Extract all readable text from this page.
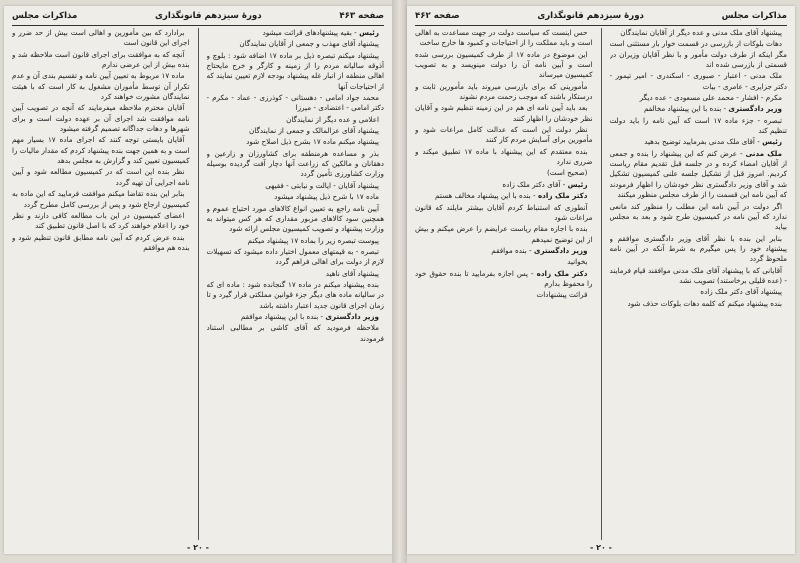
صفحه ۴۶۳
دورهٔ سیزدهم قانونگذاری
مذاکرات مجلس

رئیس - بقیه پیشنهادهای قرائت میشود

پیشنهاد آقای مهذب و جمعی از آقایان نمایندگان

پیشنهاد میکنم تبصره ذیل بر ماده ۱۷ اضافه شود : بلوچ و آذوقه سالیانه مردم را از زمینه و کارگر و خرج مایحتاج اهالی منطقه از انبار غله پیشنهاد بودجه لازم تعیین نمایند که از احتیاجات آنها

محمد جواد امامی - دهستانی - کوذرزی - عماد - مکرم - دکتر امامی - اعتضادی - میرزا

اعلامی و عده دیگر از نمایندگان

پیشنهاد آقای عزالمالک و جمعی از نمایندگان

پیشنهاد میکنم ماده ۱۷ بشرح ذیل اصلاح شود

بذر و مساعده هرمنطقه برای کشاورزان و زارعین و دهقانان و مالکین که زراعت آنها دچار آفت گردیده بوسیله وزارت کشاورزی تأمین گردد

پیشنهاد آقایان - ایالت و نیابتی - فقیهی

ماده ۱۷ با شرح ذیل پیشنهاد میشود

آیین نامه راجع به تعیین انواع کالاهای مورد احتیاج عموم و همچنین سود کالاهای مزبور مقداری که هر کس میتواند به وزارت پیشنهاد و تصویب کمیسیون مجلس ارائه شود

پیوست تبصره زیر را بماده ۱۷ پیشنهاد میکنم

تبصره - به قیمتهای معمول اختیار داده میشود که تسهیلات لازم از دولت برای اهالی فراهم گردد

پیشنهاد آقای ناهید

بنده پیشنهاد میکنم در ماده ۱۷ گنجانده شود : ماده ای که در سالیانه ماده های دیگر جزء قوانین مملکتی قرار گیرد و تا زمان اجرای قانون جدید اعتبار داشته باشد

وزیر دادگستری - بنده با این پیشنهاد موافقم

ملاحظه فرمودید که آقای کاشی بر مطالبی استناد فرمودند

برادارد که بین مأمورین و اهالی است بیش از حد ضرر و اجرای این قانون است

آنچه که به موافقت برای اجرای قانون است ملاحظه شد و بنده بیش از این عرضی ندارم

ماده ۱۷ مربوط به تعیین آیین نامه و تقسیم بندی آن و عدم تکرار آن توسط مأموران مشغول به کار است که با هیئت نمایندگان مشورت خواهند کرد

آقایان محترم ملاحظه میفرمایند که آنچه در تصویب آیین نامه موافقت شد اجرای آن بر عهده دولت است و برای شهرها و دهات جداگانه تصمیم گرفته میشود

آقایان بایستی توجه کنند که اجرای ماده ۱۷ بسیار مهم است و به همین جهت بنده پیشنهاد کردم که مقدار مالیات را کمیسیون تعیین کند و گزارش به مجلس بدهد

نظر بنده این است که در کمیسیون مطالعه شود و آیین نامه اجرایی آن تهیه گردد

بنابر این بنده تقاضا میکنم موافقت فرمایید که این ماده به کمیسیون ارجاع شود و پس از بررسی کامل مطرح گردد

اعضای کمیسیون در این باب مطالعه کافی دارند و نظر خود را اعلام خواهند کرد که با اصل قانون تطبیق کند

بنده عرض کردم که آیین نامه مطابق قانون تنظیم شود و بنده هم موافقم

- ۲۰ -
مذاکرات مجلس
دورهٔ سیزدهم قانونگذاری
صفحه ۴۶۲

پیشنهاد آقای ملک مدنی و عده دیگر از آقایان نمایندگان

دهات بلوکات از بازرسی در قسمت خوار بار مستثنی است مگر اینکه از طرف دولت مأمور و با نظر آقایان وزیران در قسمتی از بازرسی شده اند

ملک مدنی - اعتبار - صبوری - اسکندری - امیر تیمور - دکتر جزایری - عامری - بیات

مکرم - افشار - محمد علی مسعودی - عده دیگر

وزیر دادگستری - بنده با این پیشنهاد مخالفم

تبصره - جزء ماده ۱۷ است که آیین نامه را باید دولت تنظیم کند

رئیس - آقای ملک مدنی بفرمایید توضیح بدهید

ملک مدنی - عرض کنم که این پیشنهاد را بنده و جمعی از آقایان امضاء کرده و در جلسه قبل تقدیم مقام ریاست کردیم. امروز قبل از تشکیل جلسه علنی کمیسیون تشکیل شد و آقای وزیر دادگستری نظر خودشان را اظهار فرمودند که آیین نامه این قسمت را از طرف مجلس منظور میکنند

اگر دولت در آیین نامه این مطلب را منظور کند مانعی ندارد که آیین نامه در کمیسیون طرح شود و بعد به مجلس بیاید

بنابر این بنده با نظر آقای وزیر دادگستری موافقم و پیشنهاد خود را پس میگیرم به شرط آنکه در آیین نامه ملحوظ گردد

آقایانی که با پیشنهاد آقای ملک مدنی موافقند قیام فرمایند - (عده قلیلی برخاستند) تصویب نشد

پیشنهاد آقای دکتر ملک زاده

بنده پیشنهاد میکنم که کلمه دهات بلوکات حذف شود

حس اینست که سیاست دولت در جهت مساعدت به اهالی است و باید مملکت را از احتیاجات و کمبود ها خارج ساخت

این موضوع در ماده ۱۷ از طرف کمیسیون بررسی شده است و آیین نامه آن را دولت مینویسد و به تصویب کمیسیون میرساند

مأمورینی که برای بازرسی میروند باید مأمورین ثابت و درستکار باشند که موجب زحمت مردم نشوند

بعد باید آیین نامه ای هم در این زمینه تنظیم شود و آقایان نظر خودشان را اظهار کنند

نظر دولت این است که عدالت کامل مراعات شود و مأمورین برای آسایش مردم کار کنند

بنده معتقدم که این پیشنهاد با ماده ۱۷ تطبیق میکند و ضرری ندارد

(صحیح است)

رئیس - آقای دکتر ملک زاده

دکتر ملک زاده - بنده با این پیشنهاد مخالف هستم

آنطوری که استنباط کردم آقایان بیشتر مایلند که قانون مراعات شود

بنده با اجازه مقام ریاست عرایضم را عرض میکنم و بیش از این توضیح نمیدهم

وزیر دادگستری - بنده موافقم

بخوانید

دکتر ملک زاده - پس اجازه بفرمایید تا بنده حقوق خود را محفوظ بدارم

قرائت پیشنهادات

- ۲۰ -
